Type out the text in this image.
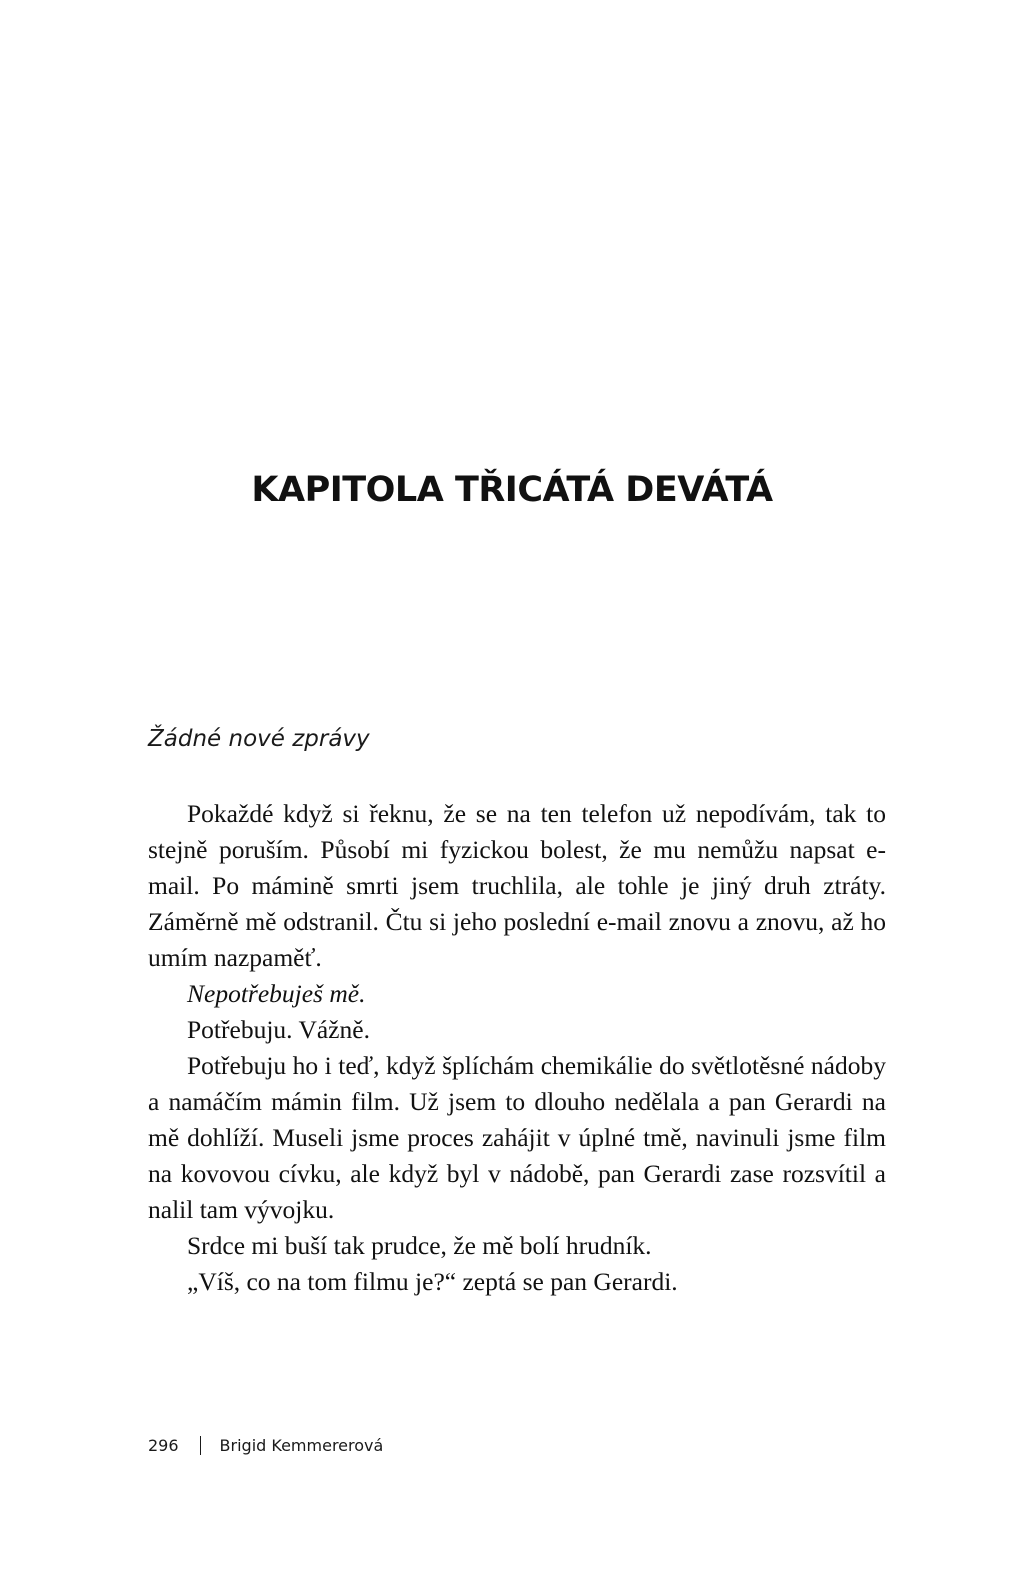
KAPITOLA TŘICÁTÁ DEVÁTÁ

Žádné nové zprávy

Pokaždé když si řeknu, že se na ten telefon už nepodívám, tak to stejně poruším. Působí mi fyzickou bolest, že mu nemůžu napsat e-mail. Po mámině smrti jsem truchlila, ale tohle je jiný druh ztráty. Záměrně mě odstranil. Čtu si jeho poslední e-mail znovu a znovu, až ho umím nazpaměť.

Nepotřebuješ mě.

Potřebuju. Vážně.

Potřebuju ho i teď, když šplíchám chemikálie do světlotěsné nádoby a namáčím mámin film. Už jsem to dlouho nedělala a pan Gerardi na mě dohlíží. Museli jsme proces zahájit v úplné tmě, navinuli jsme film na kovovou cívku, ale když byl v nádobě, pan Gerardi zase rozsvítil a nalil tam vývojku.

Srdce mi buší tak prudce, že mě bolí hrudník.

„Víš, co na tom filmu je?“ zeptá se pan Gerardi.

296	Brigid Kemmererová
